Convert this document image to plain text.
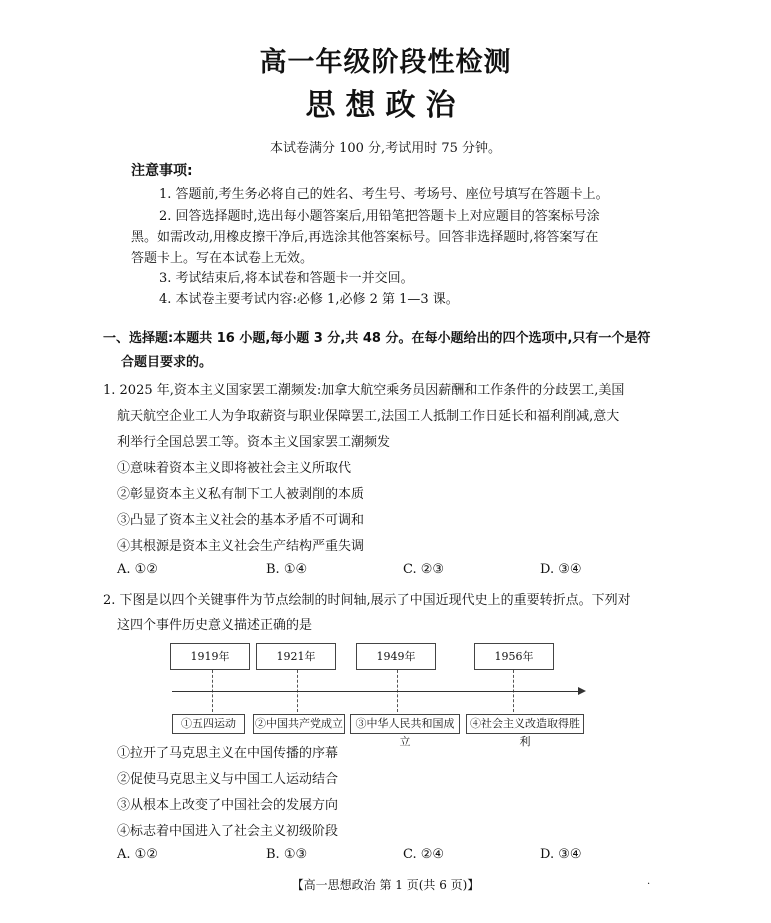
高一年级阶段性检测
思想政治
本试卷满分 100 分,考试用时 75 分钟。
注意事项:
1. 答题前,考生务必将自己的姓名、考生号、考场号、座位号填写在答题卡上。
2. 回答选择题时,选出每小题答案后,用铅笔把答题卡上对应题目的答案标号涂
黑。如需改动,用橡皮擦干净后,再选涂其他答案标号。回答非选择题时,将答案写在
答题卡上。写在本试卷上无效。
3. 考试结束后,将本试卷和答题卡一并交回。
4. 本试卷主要考试内容:必修 1,必修 2 第 1—3 课。
一、选择题:本题共 16 小题,每小题 3 分,共 48 分。在每小题给出的四个选项中,只有一个是符
合题目要求的。
1. 2025 年,资本主义国家罢工潮频发:加拿大航空乘务员因薪酬和工作条件的分歧罢工,美国
航天航空企业工人为争取薪资与职业保障罢工,法国工人抵制工作日延长和福利削减,意大
利举行全国总罢工等。资本主义国家罢工潮频发
①意味着资本主义即将被社会主义所取代
②彰显资本主义私有制下工人被剥削的本质
③凸显了资本主义社会的基本矛盾不可调和
④其根源是资本主义社会生产结构严重失调
A. ①②	B. ①④	C. ②③	D. ③④
2. 下图是以四个关键事件为节点绘制的时间轴,展示了中国近现代史上的重要转折点。下列对
这四个事件历史意义描述正确的是
1919年	1921年	1949年	1956年
①五四运动	②中国共产党成立	③中华人民共和国成立
④社会主义改造取得胜利
①拉开了马克思主义在中国传播的序幕
②促使马克思主义与中国工人运动结合
③从根本上改变了中国社会的发展方向
④标志着中国进入了社会主义初级阶段
A. ①②	B. ①③	C. ②④	D. ③④
【高一思想政治 第 1 页(共 6 页)】	.
